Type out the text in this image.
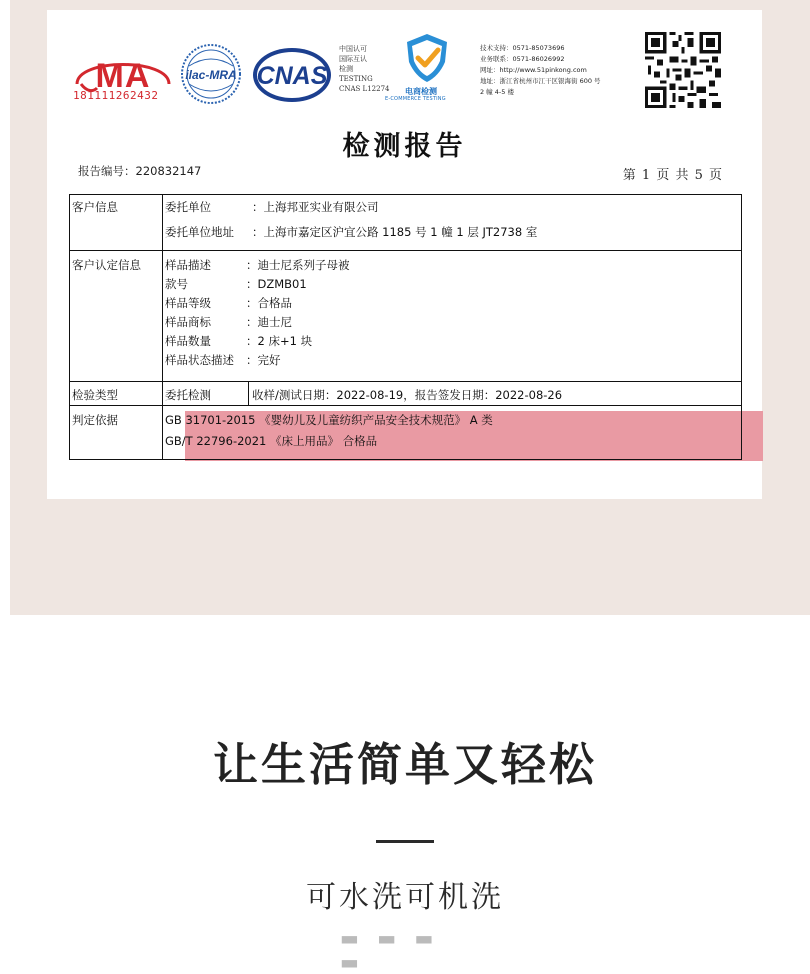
MA
181111262432
ilac-MRA CNAS
中国认可
国际互认
检测
TESTING
CNAS L12274 电商检测
E-COMMERCE TESTING
技术支持：0571-85073696
业务联系：0571-86026992
网址：http://www.51pinkong.com
地址：浙江省杭州市江干区银海街 600 号
2 幢 4-5 楼
检测报告
报告编号：220832147	第 1 页 共 5 页
客户信息	委托单位	：上海邦亚实业有限公司
委托单位地址 ：上海市嘉定区沪宜公路 1185 号 1 幢 1 层 JT2738 室
客户认定信息 样品描述	：迪士尼系列子母被
款号	：DZMB01
样品等级	：合格品
样品商标	：迪士尼
样品数量	：2 床+1 块
样品状态描述 ：完好
检验类型	委托检测	收样/测试日期：2022-08-19，报告签发日期：2022-08-26
判定依据	GB 31701-2015 《婴幼儿及儿童纺织产品安全技术规范》 A 类
GB/T 22796-2021 《床上用品》 合格品
让生活简单又轻松
可水洗可机洗
▬ ▬ ▬ ▬
